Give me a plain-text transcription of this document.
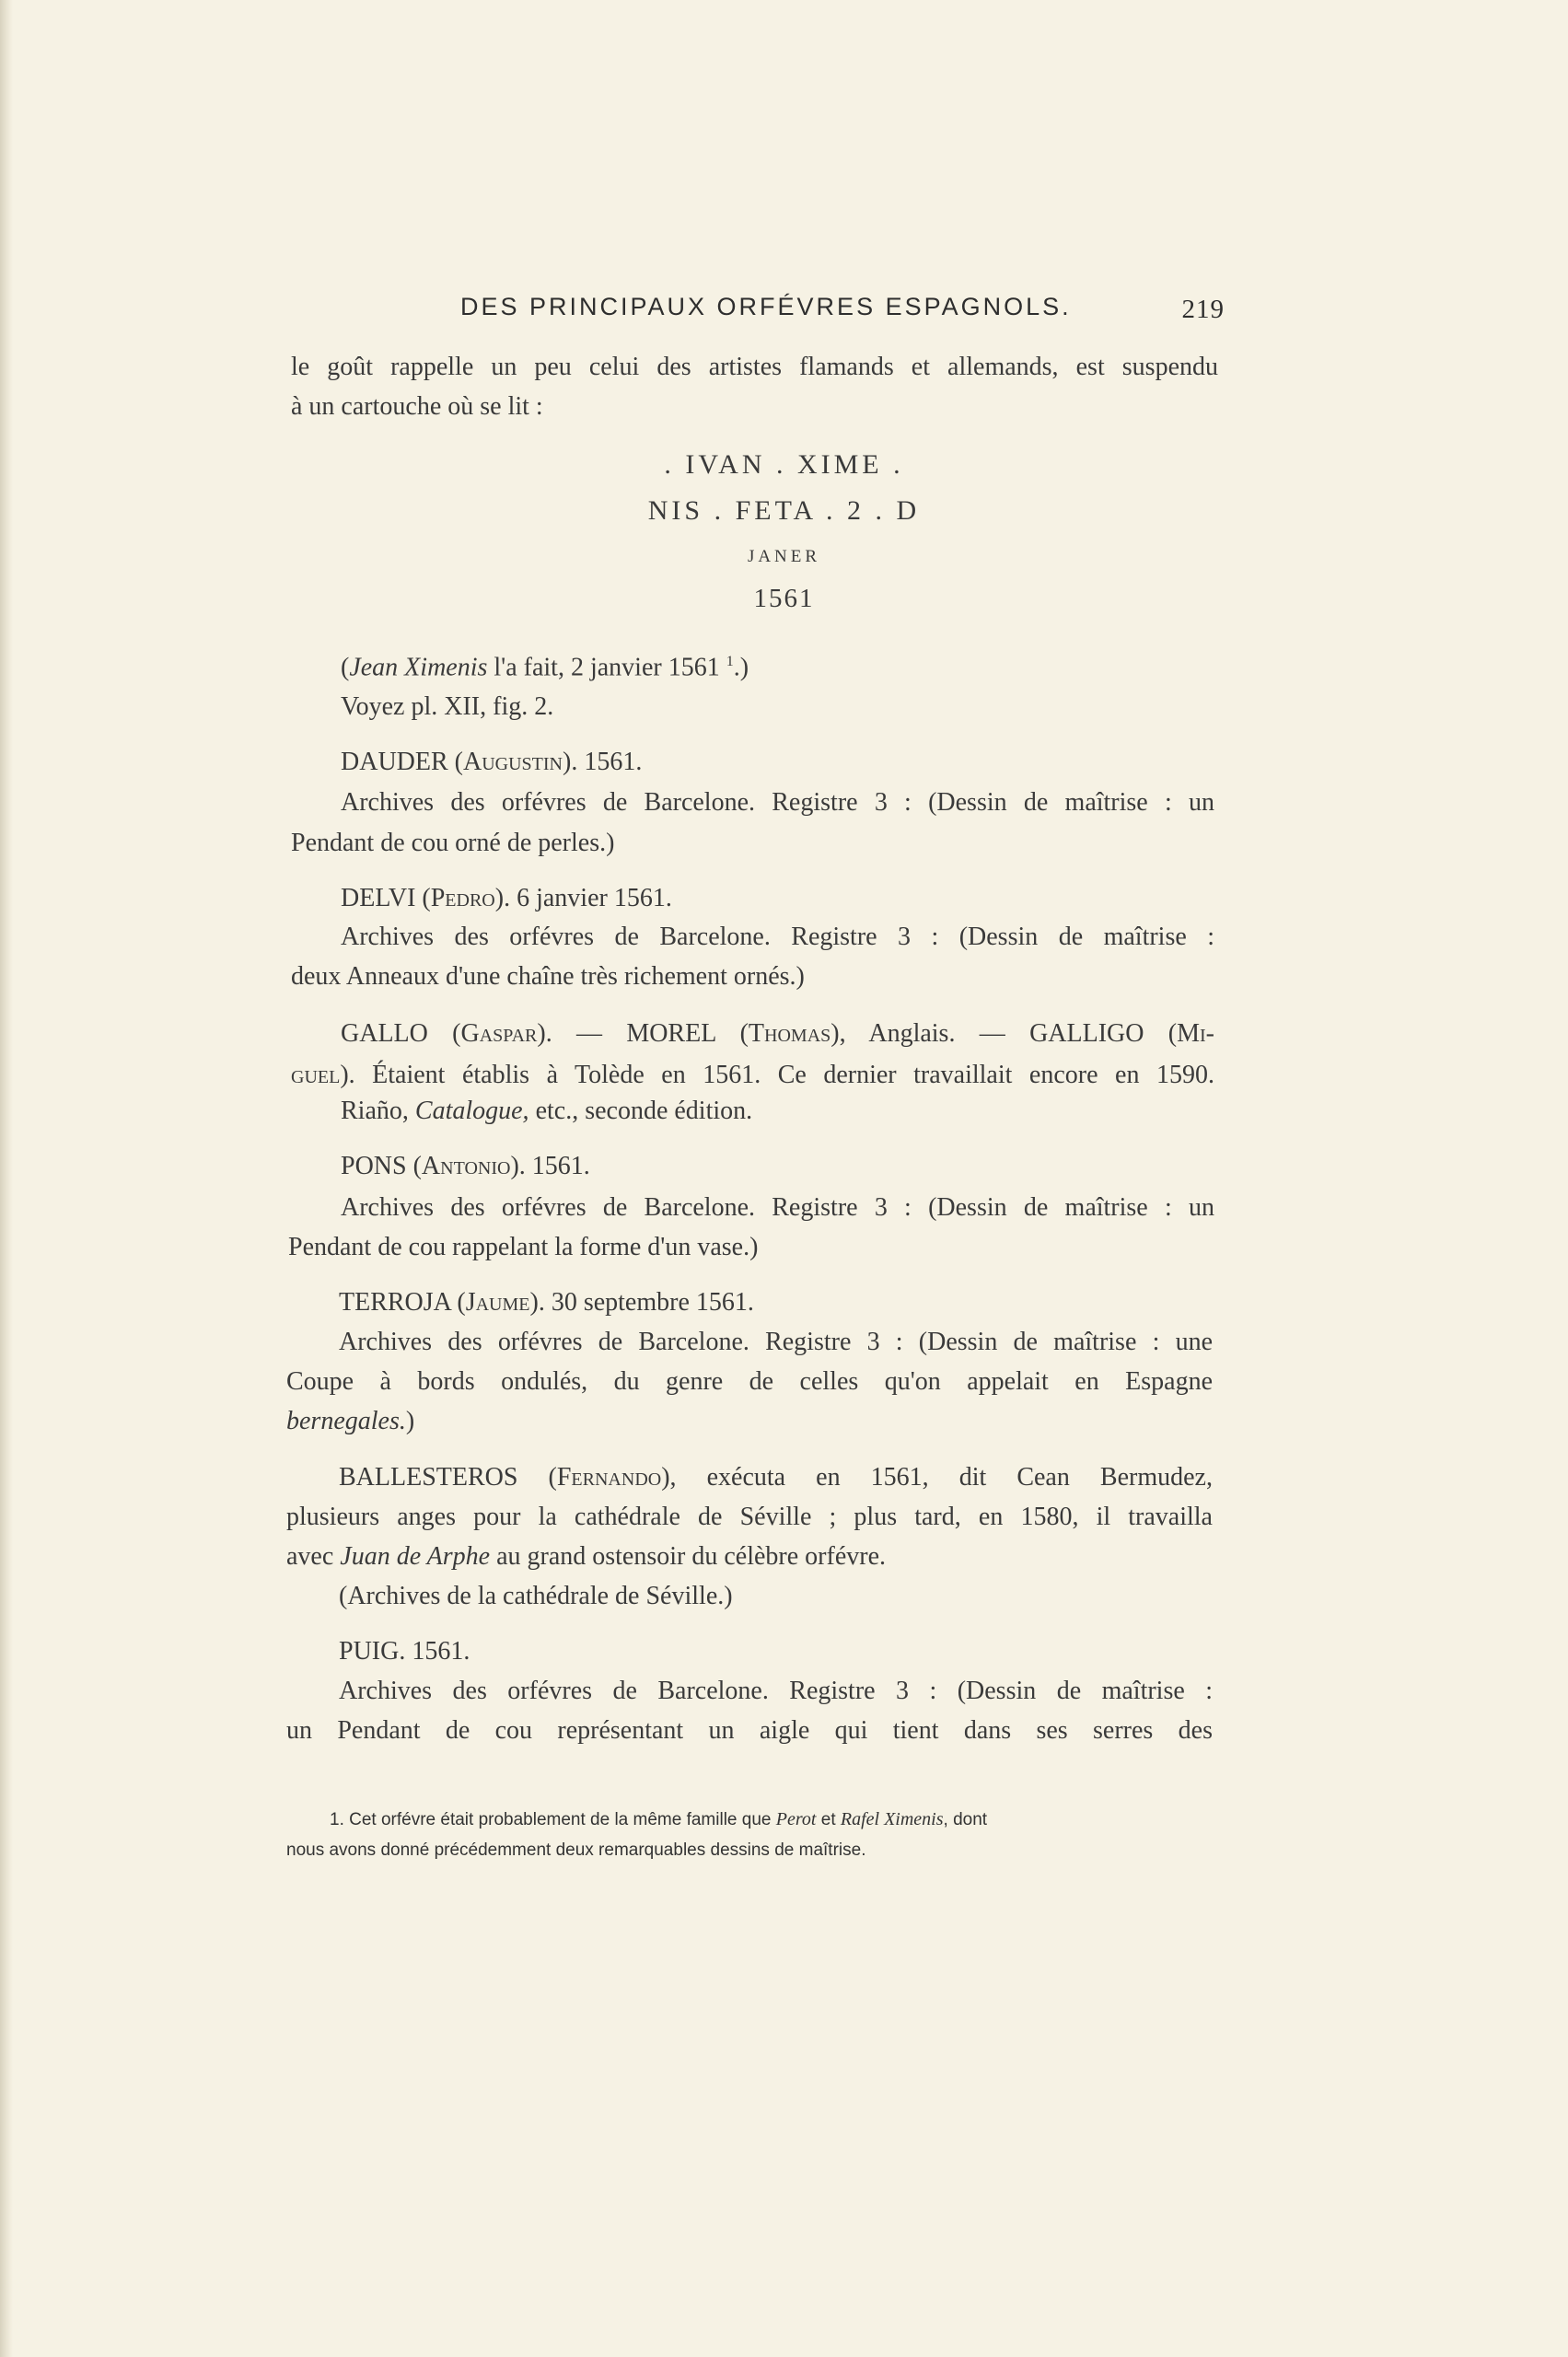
DES PRINCIPAUX ORFÉVRES ESPAGNOLS.	219
le goût rappelle un peu celui des artistes flamands et allemands, est suspendu
à un cartouche où se lit :
. IVAN . XIME .
NIS . FETA . 2 . D
JANER
1561
(Jean Ximenis l'a fait, 2 janvier 1561 $^1$.)
Voyez pl. XII, fig. 2.
DAUDER (Augustin). 1561.
Archives des orfévres de Barcelone. Registre 3 : (Dessin de maîtrise : un
Pendant de cou orné de perles.)
DELVI (Pedro). 6 janvier 1561.
Archives des orfévres de Barcelone. Registre 3 : (Dessin de maîtrise :
deux Anneaux d'une chaîne très richement ornés.)
GALLO (Gaspar). — MOREL (Thomas), Anglais. — GALLIGO (Mi-
guel). Étaient établis à Tolède en 1561. Ce dernier travaillait encore en 1590.
Riaño, Catalogue, etc., seconde édition.
PONS (Antonio). 1561.
Archives des orfévres de Barcelone. Registre 3 : (Dessin de maîtrise : un
Pendant de cou rappelant la forme d'un vase.)
TERROJA (Jaume). 30 septembre 1561.
Archives des orfévres de Barcelone. Registre 3 : (Dessin de maîtrise : une
Coupe à bords ondulés, du genre de celles qu'on appelait en Espagne
bernegales.)
BALLESTEROS (Fernando), exécuta en 1561, dit Cean Bermudez,
plusieurs anges pour la cathédrale de Séville ; plus tard, en 1580, il travailla
avec Juan de Arphe au grand ostensoir du célèbre orfévre.
(Archives de la cathédrale de Séville.)
PUIG. 1561.
Archives des orfévres de Barcelone. Registre 3 : (Dessin de maîtrise :
un Pendant de cou représentant un aigle qui tient dans ses serres des
1. Cet orfévre était probablement de la même famille que Perot et Rafel Ximenis, dont
nous avons donné précédemment deux remarquables dessins de maîtrise.
